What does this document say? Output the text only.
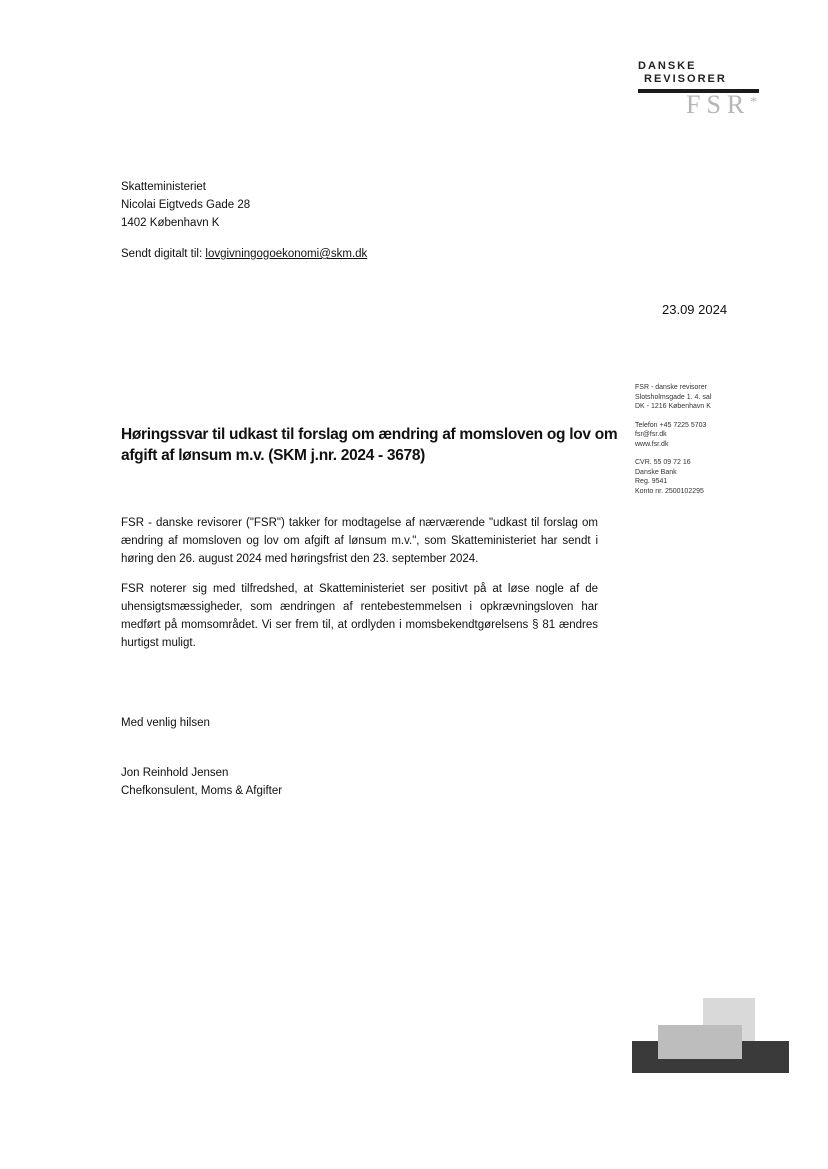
DANSKE
REVISORER
FSR*
Skatteministeriet
Nicolai Eigtveds Gade 28
1402 København K
Sendt digitalt til: lovgivningogoekonomi@skm.dk
23.09 2024
FSR - danske revisorer
Slotsholmsgade 1. 4. sal
DK - 1216 København K
Telefon +45 7225 5703
fsr@fsr.dk
www.fsr.dk
CVR. 55 09 72 16
Danske Bank
Reg. 9541
Konto nr. 2500102295
Høringssvar til udkast til forslag om ændring af momsloven og lov om
afgift af lønsum m.v. (SKM j.nr. 2024 - 3678)
FSR - danske revisorer ("FSR") takker for modtagelse af nærværende "udkast til forslag om ændring af momsloven og lov om afgift af lønsum m.v.", som Skatteministeriet har sendt i høring den 26. august 2024 med høringsfrist den 23. september 2024.
FSR noterer sig med tilfredshed, at Skatteministeriet ser positivt på at løse nogle af de uhensigtsmæssigheder, som ændringen af rentebestemmelsen i opkrævningsloven har medført på momsområdet. Vi ser frem til, at ordlyden i momsbekendtgørelsens § 81 ændres hurtigst muligt.
Med venlig hilsen
Jon Reinhold Jensen
Chefkonsulent, Moms & Afgifter
